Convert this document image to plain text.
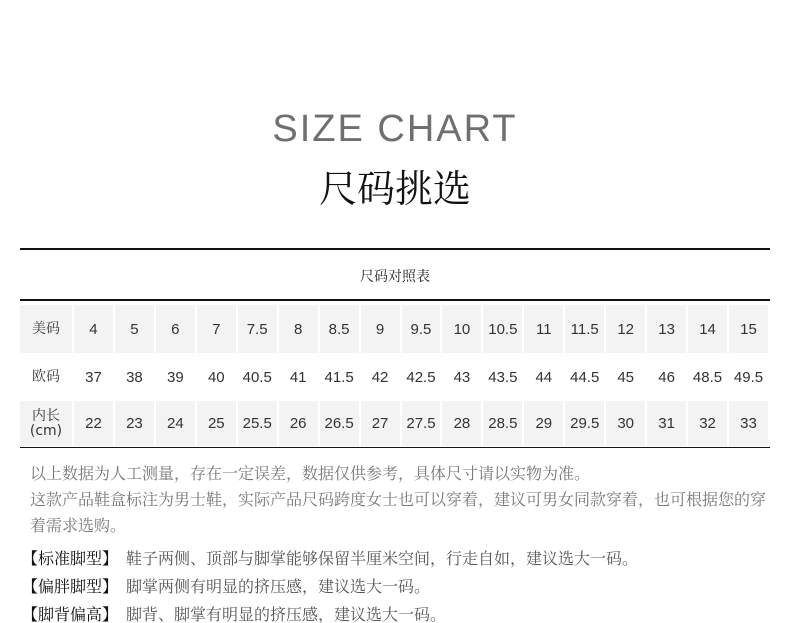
SIZE CHART
尺码挑选
尺码对照表
美码	4	5	6	7	7.5	8	8.5	9	9.5	10	10.5	11	11.5	12	13	14	15
欧码	37	38	39	40	40.5	41	41.5	42	42.5	43	43.5	44	44.5	45	46	48.5	49.5
内长
(cm)	22	23	24	25	25.5	26	26.5	27	27.5	28	28.5	29	29.5	30	31	32	33

以上数据为人工测量，存在一定误差，数据仅供参考，具体尺寸请以实物为准。

这款产品鞋盒标注为男士鞋，实际产品尺码跨度女士也可以穿着，建议可男女同款穿着，也可根据您的穿着需求选购。

【标准脚型】 鞋子两侧、顶部与脚掌能够保留半厘米空间，行走自如，建议选大一码。
【偏胖脚型】 脚掌两侧有明显的挤压感，建议选大一码。
【脚背偏高】 脚背、脚掌有明显的挤压感，建议选大一码。
